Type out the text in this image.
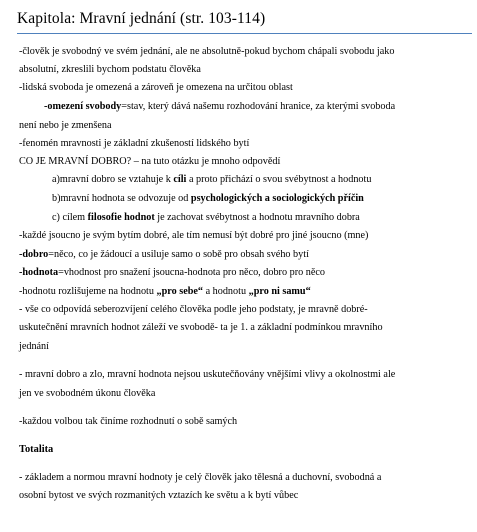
Kapitola: Mravní jednání (str. 103-114)
-člověk je svobodný ve svém jednání, ale ne absolutně-pokud bychom chápali svobodu jako
absolutní, zkreslili bychom podstatu člověka
-lidská svoboda je omezená a zároveň je omezena na určitou oblast
-omezení svobody=stav, který dává našemu rozhodování hranice, za kterými svoboda
není nebo je zmenšena
-fenomén mravnosti je základní zkušeností lidského bytí
CO JE MRAVNÍ DOBRO? – na tuto otázku je mnoho odpovědí
a)mravní dobro se vztahuje k cíli a proto přichází o svou svébytnost a hodnotu
b)mravní hodnota se odvozuje od psychologických a sociologických příčin
c) cílem filosofie hodnot je zachovat svébytnost a hodnotu mravního dobra
-každé jsoucno je svým bytím dobré, ale tím nemusí být dobré pro jiné jsoucno (mne)
-dobro=něco, co je žádoucí a usiluje samo o sobě pro obsah svého bytí
-hodnota=vhodnost pro snažení jsoucna-hodnota pro něco, dobro pro něco
-hodnotu rozlišujeme na hodnotu „pro sebe“ a hodnotu „pro ni samu“
- vše co odpovídá seberozvíjení celého člověka podle jeho podstaty, je mravně dobré-
uskutečnění mravních hodnot záleží ve svobodě- ta je 1. a základní podmínkou mravního
jednání
- mravní dobro a zlo, mravní hodnota nejsou uskutečňovány vnějšími vlivy a okolnostmi ale
jen ve svobodném úkonu člověka
-každou volbou tak činíme rozhodnutí o sobě samých
Totalita
- základem a normou mravní hodnoty je celý člověk jako tělesná a duchovní, svobodná a
osobní bytost ve svých rozmanitých vztazích ke světu a k bytí vůbec
